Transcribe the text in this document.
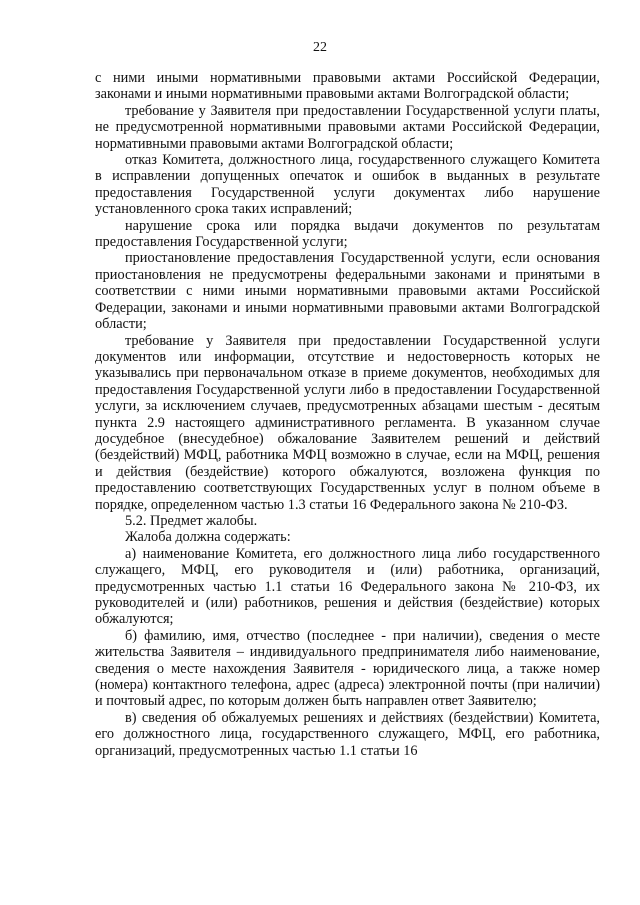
22

с ними иными нормативными правовыми актами Российской Федерации, законами и иными нормативными правовыми актами Волгоградской области;

требование у Заявителя при предоставлении Государственной услуги платы, не предусмотренной нормативными правовыми актами Российской Федерации, нормативными правовыми актами Волгоградской области;

отказ Комитета, должностного лица, государственного служащего Комитета в исправлении допущенных опечаток и ошибок в выданных в результате предоставления Государственной услуги документах либо нарушение установленного срока таких исправлений;

нарушение срока или порядка выдачи документов по результатам предоставления Государственной услуги;

приостановление предоставления Государственной услуги, если основания приостановления не предусмотрены федеральными законами и принятыми в соответствии с ними иными нормативными правовыми актами Российской Федерации, законами и иными нормативными правовыми актами Волгоградской области;

требование у Заявителя при предоставлении Государственной услуги документов или информации, отсутствие и недостоверность которых не указывались при первоначальном отказе в приеме документов, необходимых для предоставления Государственной услуги либо в предоставлении Государственной услуги, за исключением случаев, предусмотренных абзацами шестым - десятым пункта 2.9 настоящего административного регламента. В указанном случае досудебное (внесудебное) обжалование Заявителем решений и действий (бездействий) МФЦ, работника МФЦ возможно в случае, если на МФЦ, решения и действия (бездействие) которого обжалуются, возложена функция по предоставлению соответствующих Государственных услуг в полном объеме в порядке, определенном частью 1.3 статьи 16 Федерального закона № 210-ФЗ.

5.2. Предмет жалобы.

Жалоба должна содержать:

а) наименование Комитета, его должностного лица либо государственного служащего, МФЦ, его руководителя и (или) работника, организаций, предусмотренных частью 1.1 статьи 16 Федерального закона № 210-ФЗ, их руководителей и (или) работников, решения и действия (бездействие) которых обжалуются;

б) фамилию, имя, отчество (последнее - при наличии), сведения о месте жительства Заявителя – индивидуального предпринимателя либо наименование, сведения о месте нахождения Заявителя - юридического лица, а также номер (номера) контактного телефона, адрес (адреса) электронной почты (при наличии) и почтовый адрес, по которым должен быть направлен ответ Заявителю;

в) сведения об обжалуемых решениях и действиях (бездействии) Комитета, его должностного лица, государственного служащего, МФЦ, его работника, организаций, предусмотренных частью 1.1 статьи 16
